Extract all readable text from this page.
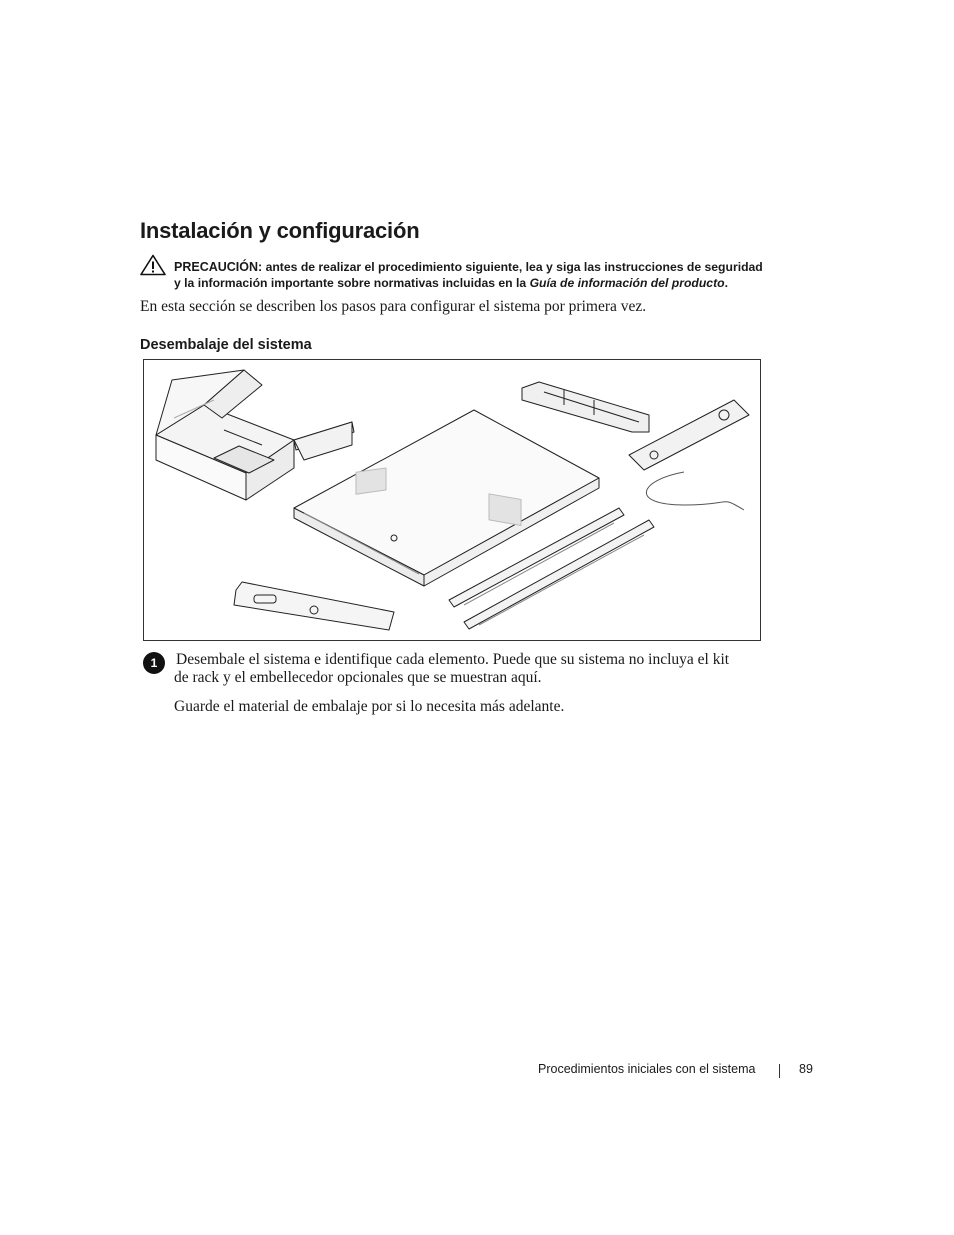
Instalación y configuración
PRECAUCIÓN: antes de realizar el procedimiento siguiente, lea y siga las instrucciones de seguridad
y la información importante sobre normativas incluidas en la Guía de información del producto.
En esta sección se describen los pasos para configurar el sistema por primera vez.
Desembalaje del sistema
1	Desembale el sistema e identifique cada elemento. Puede que su sistema no incluya el kit
de rack y el embellecedor opcionales que se muestran aquí.
Guarde el material de embalaje por si lo necesita más adelante.
Procedimientos iniciales con el sistema	89
